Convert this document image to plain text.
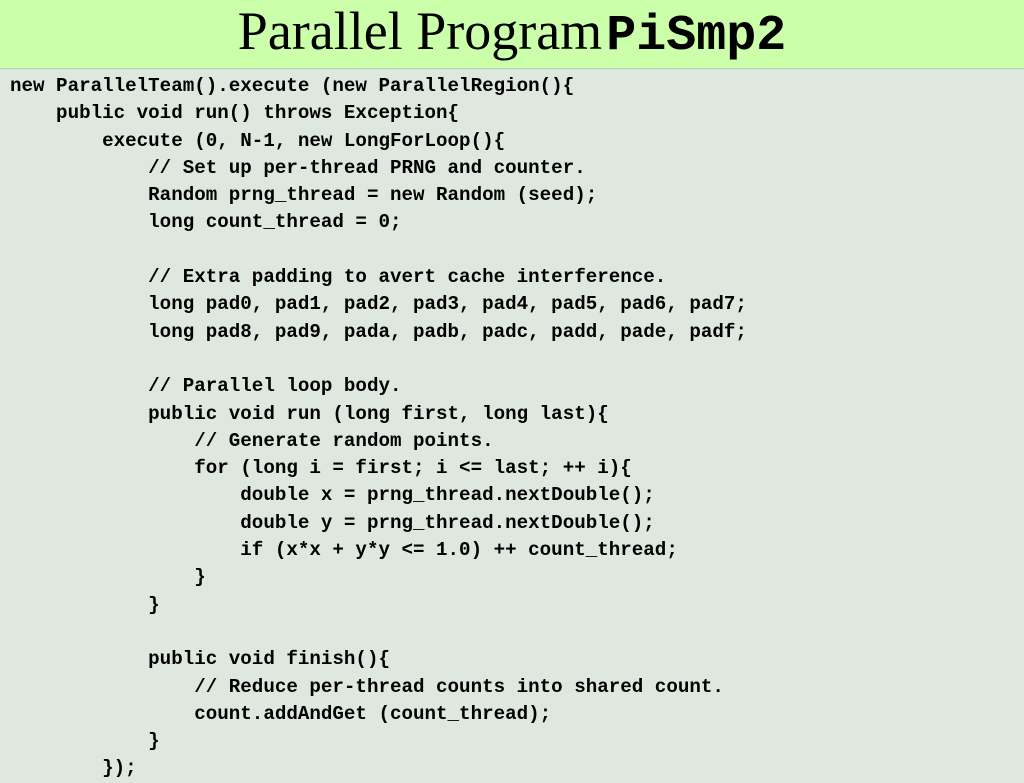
Parallel Program PiSmp2
new ParallelTeam().execute (new ParallelRegion(){
public void run() throws Exception{
execute (0, N-1, new LongForLoop(){
// Set up per-thread PRNG and counter.
Random prng_thread = new Random (seed);
long count_thread = 0;
// Extra padding to avert cache interference.
long pad0, pad1, pad2, pad3, pad4, pad5, pad6, pad7;
long pad8, pad9, pada, padb, padc, padd, pade, padf;
// Parallel loop body.
public void run (long first, long last){
// Generate random points.
for (long i = first; i <= last; ++ i){
double x = prng_thread.nextDouble();
double y = prng_thread.nextDouble();
if (x*x + y*y <= 1.0) ++ count_thread;
}
}
public void finish(){
// Reduce per-thread counts into shared count.
count.addAndGet (count_thread);
}
});
